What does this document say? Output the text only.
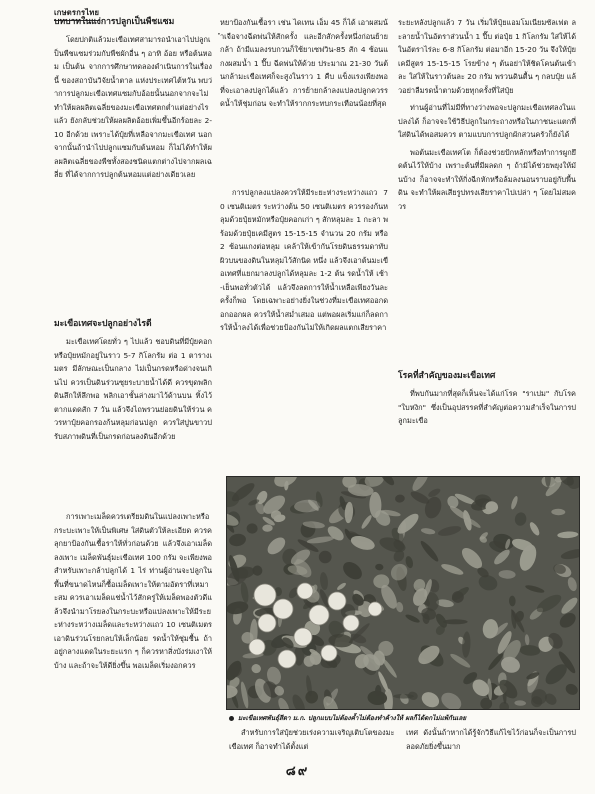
เกษตรกรไทย
บทบาทในแง่การปลูกเป็นพืชแซม
โดยปกติแล้วมะเขือเทศสามารถนำเอาไปปลูกเป็นพืชแซมร่วมกับพืชผักอื่น ๆ อาทิ อ้อย หรือต้นหอม เป็นต้น จากการศึกษาทดลองดำเนินการในเรื่องนี้ ของสถาบันวิจัยน้ำตาล แห่งประเทศไต้หวัน พบว่าการปลูกมะเขือเทศแซมกับอ้อยนั้นนอกจากจะไม่ทำให้ผลผลิตเฉลี่ยของมะเขือเทศตกต่ำแต่อย่างไรแล้ว ยังกลับช่วยให้ผลผลิตอ้อยเพิ่มขึ้นอีกร้อยละ 2-10 อีกด้วย เพราะได้ปุ๋ยที่เหลือจากมะเขือเทศ นอกจากนั้นถ้านำไปปลูกแซมกับต้นหอม ก็ไม่ได้ทำให้ผลผลิตเฉลี่ยของพืชทั้งสองชนิดแตกต่างไปจากผลเฉลี่ย ที่ได้จากการปลูกต้นหอมแต่อย่างเดียวเลย
มะเขือเทศจะปลูกอย่างไรดี
มะเขือเทศโดยทั่ว ๆ ไปแล้ว ชอบดินที่มีปุ๋ยคอกหรือปุ๋ยหมักอยู่ในราว 5-7 กิโลกรัม ต่อ 1 ตารางเมตร มีลักษณะเป็นกลาง ไม่เป็นกรดหรือด่างจนเกินไป ควรเป็นดินร่วนซุยระบายน้ำได้ดี ควรขุดพลิกดินลึกให้ลึกพอ พลิกเอาชั้นล่างมาไว้ด้านบน ทิ้งไว้ตากแดดสัก 7 วัน แล้วจึงไถพรวนย่อยดินให้ร่วน ควรหาปุ๋ยคอกรองก้นหลุมก่อนปลูก ควรใส่ปูนขาวปรับสภาพดินที่เป็นกรดก่อนลงดินอีกด้วย
การเพาะเมล็ดควรเตรียมดินในแปลงเพาะหรือกระบะเพาะให้เป็นพิเศษ ใส่ดินตัวให้ละเอียด ควรคลุกยาป้องกันเชื้อราให้ทั่วก่อนด้วย แล้วจึงเอาเมล็ดลงเพาะ เมล็ดพันธุ์มะเขือเทศ 100 กรัม จะเพียงพอสำหรับเพาะกล้าปลูกได้ 1 ไร่ ท่านผู้อ่านจะปลูกในพื้นที่ขนาดไหนก็ซื้อเมล็ดเพาะให้ตามอัตราที่เหมาะสม ควรเอาเมล็ดแช่น้ำไว้สักครู่ให้เมล็ดพองตัวดีแล้วจึงนำมาโรยลงในกระบะหรือแปลงเพาะให้มีระยะห่างระหว่างเมล็ดและระหว่างแถว 10 เซนติเมตร เอาดินร่วนโรยกลบให้เล็กน้อย รดน้ำให้ชุ่มชื้น ถ้าอยู่กลางแดดในระยะแรก ๆ ก็ควรหาสิ่งบังร่มเงาให้บ้าง และถ้าจะให้ดียิ่งขึ้น พอเมล็ดเริ่มงอกควร
หยาป้องกันเชื้อรา เช่น ไดเทน เอ็ม 45 ก็ได้ เอาผสมน้ำเจือจางฉีดพ่นให้สักครั้ง และอีกสักครั้งหนึ่งก่อนย้ายกล้า ถ้ามีแมลงรบกวนก็ใช้ยาเซฟวิน-85 สัก 4 ช้อนแกงผสมน้ำ 1 ปี๊บ ฉีดพ่นให้ด้วย ประมาณ 21-30 วันต้นกล้ามะเขือเทศก็จะสูงในราว 1 คืบ แข็งแรงเพียงพอที่จะเอาลงปลูกได้แล้ว การย้ายกล้าลงแปลงปลูกควรรดน้ำให้ชุ่มก่อน จะทำให้รากกระทบกระเทือนน้อยที่สุด
การปลูกลงแปลงควรให้มีระยะห่างระหว่างแถว 70 เซนติเมตร ระหว่างต้น 50 เซนติเมตร ควรรองก้นหลุมด้วยปุ๋ยหมักหรือปุ๋ยคอกเก่า ๆ สักหลุมละ 1 กะลา พร้อมด้วยปุ๋ยเคมีสูตร 15-15-15 จำนวน 20 กรัม หรือ 2 ช้อนแกงต่อหลุม เคล้าให้เข้ากันโรยดินธรรมดาทับผิวบนของดินในหลุมไว้สักนิด หนึ่ง แล้วจึงเอาต้นมะเขือเทศที่แยกมาลงปลูกได้หลุมละ 1-2 ต้น รดน้ำให้ เช้า-เย็นพอทั่วตัวได้ แล้วจึงลดการให้น้ำเหลือเพียงวันละครั้งก็พอ โดยเฉพาะอย่างยิ่งในช่วงที่มะเขือเทศออกดอกออกผล ควรให้น้ำสม่ำเสมอ แต่พอผลเริ่มแก่ก็ลดการให้น้ำลงได้เพื่อช่วยป้องกันไม่ให้เกิดผลแตกเสียราคา
ระยะหลังปลูกแล้ว 7 วัน เริ่มให้ปุ๋ยแอมโมเนียมซัลเฟต ละลายน้ำในอัตราส่วนน้ำ 1 ปี๊บ ต่อปุ๋ย 1 กิโลกรัม ใส่ให้ได้ในอัตราไร่ละ 6-8 กิโลกรัม ต่อมาอีก 15-20 วัน จึงให้ปุ๋ยเคมีสูตร 15-15-15 โรยข้าง ๆ ต้นอย่าให้ชิดโคนต้นเข้าละ ใส่ให้ในราวต้นละ 20 กรัม พรวนดินตื้น ๆ กลบปุ๋ย แล้วอย่าลืมรดน้ำตามด้วยทุกครั้งที่ใส่ปุ๋ย
ท่านผู้อ่านที่ไม่มีที่ทางว่างพอจะปลูกมะเขือเทศลงในแปลงได้ ก็อาจจะใช้วิธีปลูกในกระถางหรือในภาชนะแตกที่ใส่ดินได้พอสมควร ตามแบบการปลูกผักสวนครัวก็ยังได้
พอต้นมะเขือเทศโต ก็ต้องช่วยปักหลักหรือทำการผูกยึดต้นไว้ให้บ้าง เพราะต้นที่มีผลดก ๆ ถ้ามิได้ช่วยพยุงให้มันบ้าง ก็อาจจะทำให้กิ่งฉีกหักหรือล้มลงนอนราบอยู่กับพื้นดิน จะทำให้ผลเสียรูปทรงเสียราคาไปเปล่า ๆ โดยไม่สมควร
โรคที่สำคัญของมะเขือเทศ
ที่พบกันมากที่สุดก็เห็นจะได้แก่โรค "ราเปม" กับโรค "ใบหงิก" ซึ่งเป็นอุปสรรคที่สำคัญต่อความสำเร็จในการปลูกมะเขือ
มะเขือเทศพันธุ์สีดา ม.ก. ปลูกแบบไม่ต้องค้ำไม่ต้องทำค้างให้ ผลก็ได้ดกไม่แพ้กันเลย
สำหรับการใส่ปุ๋ยช่วยเร่งความเจริญเติบโตของมะเขือเทศ ก็อาจทำได้ตั้งแต่
เทศ ดังนั้นถ้าหากได้รู้จักวิธีแก้ไขไว้ก่อนก็จะเป็นการปลอดภัยยิ่งขึ้นมาก
๘๙
